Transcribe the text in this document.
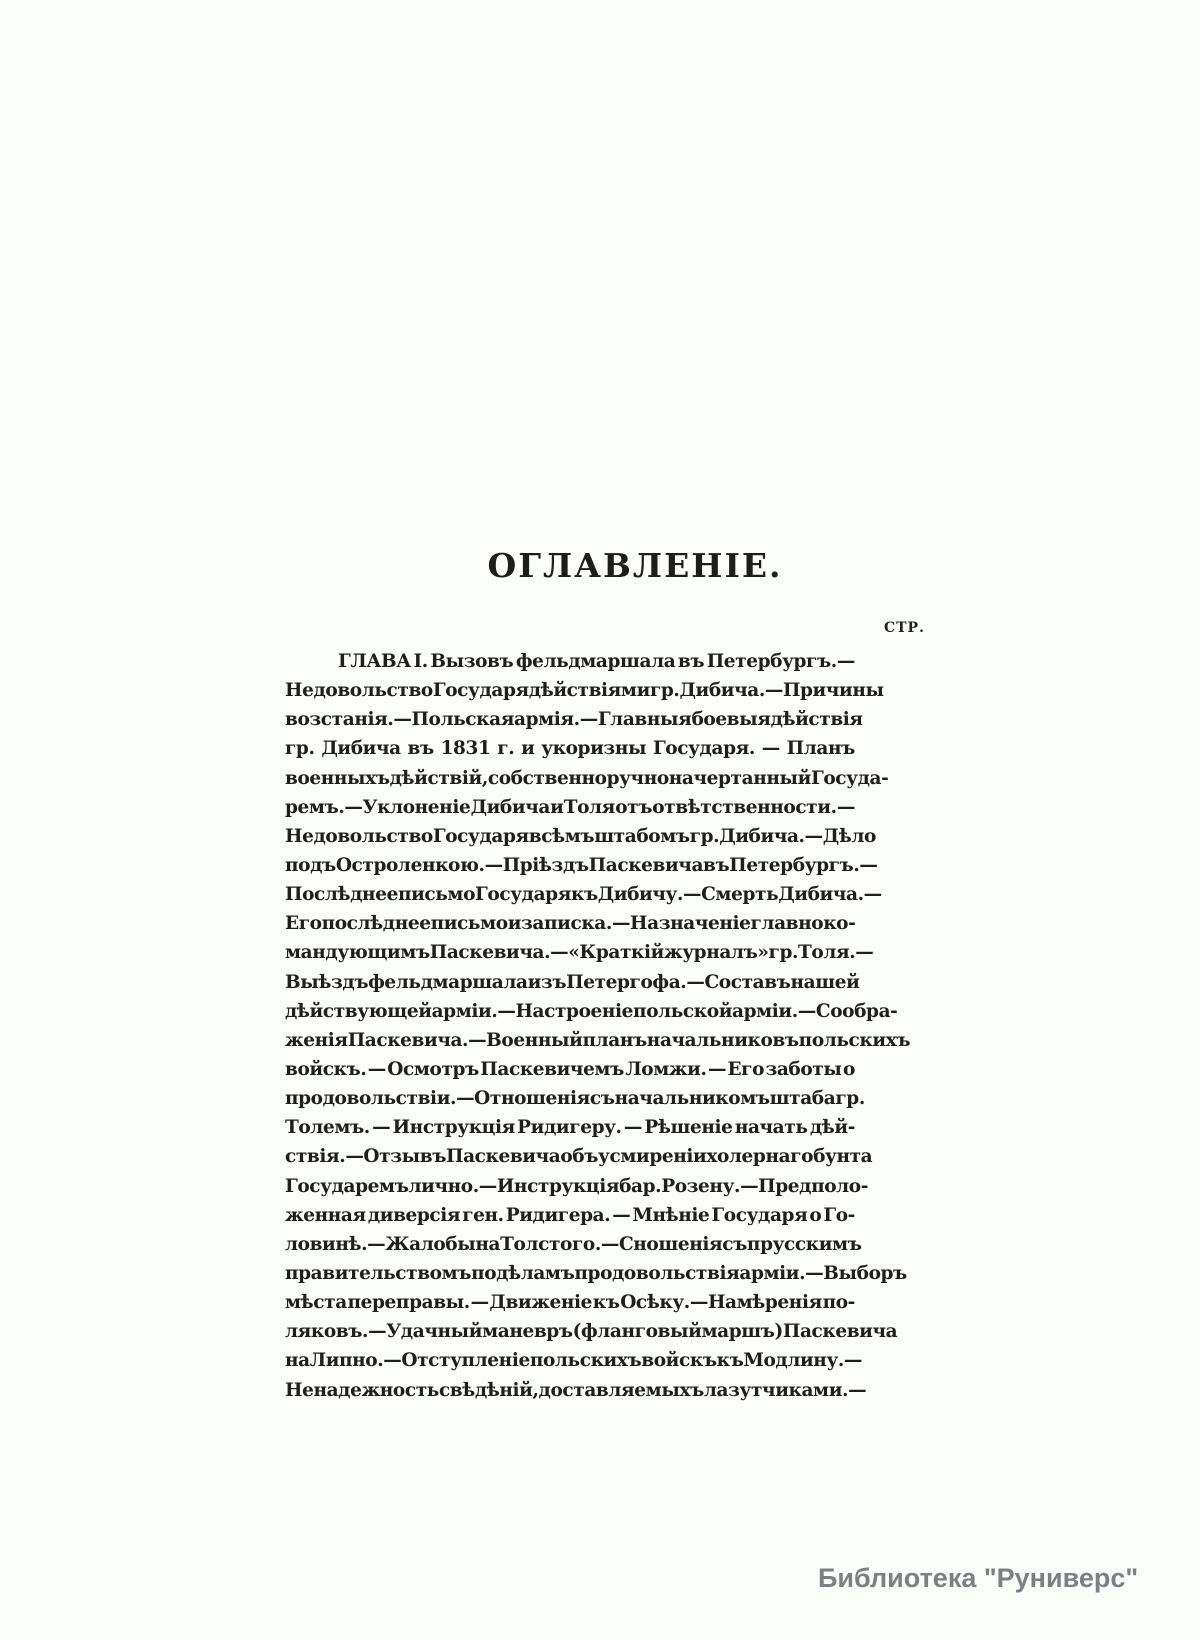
ОГЛАВЛЕНІЕ.
СТР.
ГЛАВА I. Вызовъ фельдмаршала въ Петербургъ.—
Недовольство Государя дѣйствіями гр. Дибича.—Причины
возстанія.—Польская армія.—Главныя боевыя дѣйствія
гр. Дибича въ 1831 г. и укоризны Государя. — Планъ
военныхъ дѣйствій, собственноручно начертанный Госуда-
ремъ.—Уклоненіе Дибича и Толя отъ отвѣтственности. —
Недовольство Государя всѣмъ штабомъ гр. Дибича.—Дѣло
подъ Остроленкою.—Пріѣздъ Паскевича въ Петербургъ.—
Послѣднее письмо Государя къ Дибичу.—Смерть Дибича.—
Его послѣднее письмо и записка. — Назначеніе главноко-
мандующимъ Паскевича.—«Краткій журналъ» гр. Толя.—
Выѣздъ фельдмаршала изъ Петергофа. — Составъ нашей
дѣйствующей арміи.—Настроеніе польской арміи.—Сообра-
женія Паскевича.—Военный планъ начальниковъ польскихъ
войскъ. — Осмотръ Паскевичемъ Ломжи. — Его заботы о
продовольствіи. — Отношенія съ начальникомъ штаба гр.
Толемъ. — Инструкція Ридигеру. — Рѣшеніе начать дѣй-
ствія.—Отзывъ Паскевича объ усмиреніи холернаго бунта
Государемъ лично.—Инструкція бар. Розену. — Предполо-
женная диверсія ген. Ридигера. — Мнѣніе Государя о Го-
ловинѣ.—Жалобы на Толстого. — Сношенія съ прусскимъ
правительствомъ по дѣламъ продовольствія арміи.—Выборъ
мѣста переправы. — Движеніе къ Осѣку.—Намѣренія по-
ляковъ.—Удачный маневръ (фланговый маршъ) Паскевича
на Липно.—Отступленіе польскихъ войскъ къ Модлину.—
Ненадежность свѣдѣній, доставляемыхъ лазутчиками. —
Библиотека "Руниверс"
